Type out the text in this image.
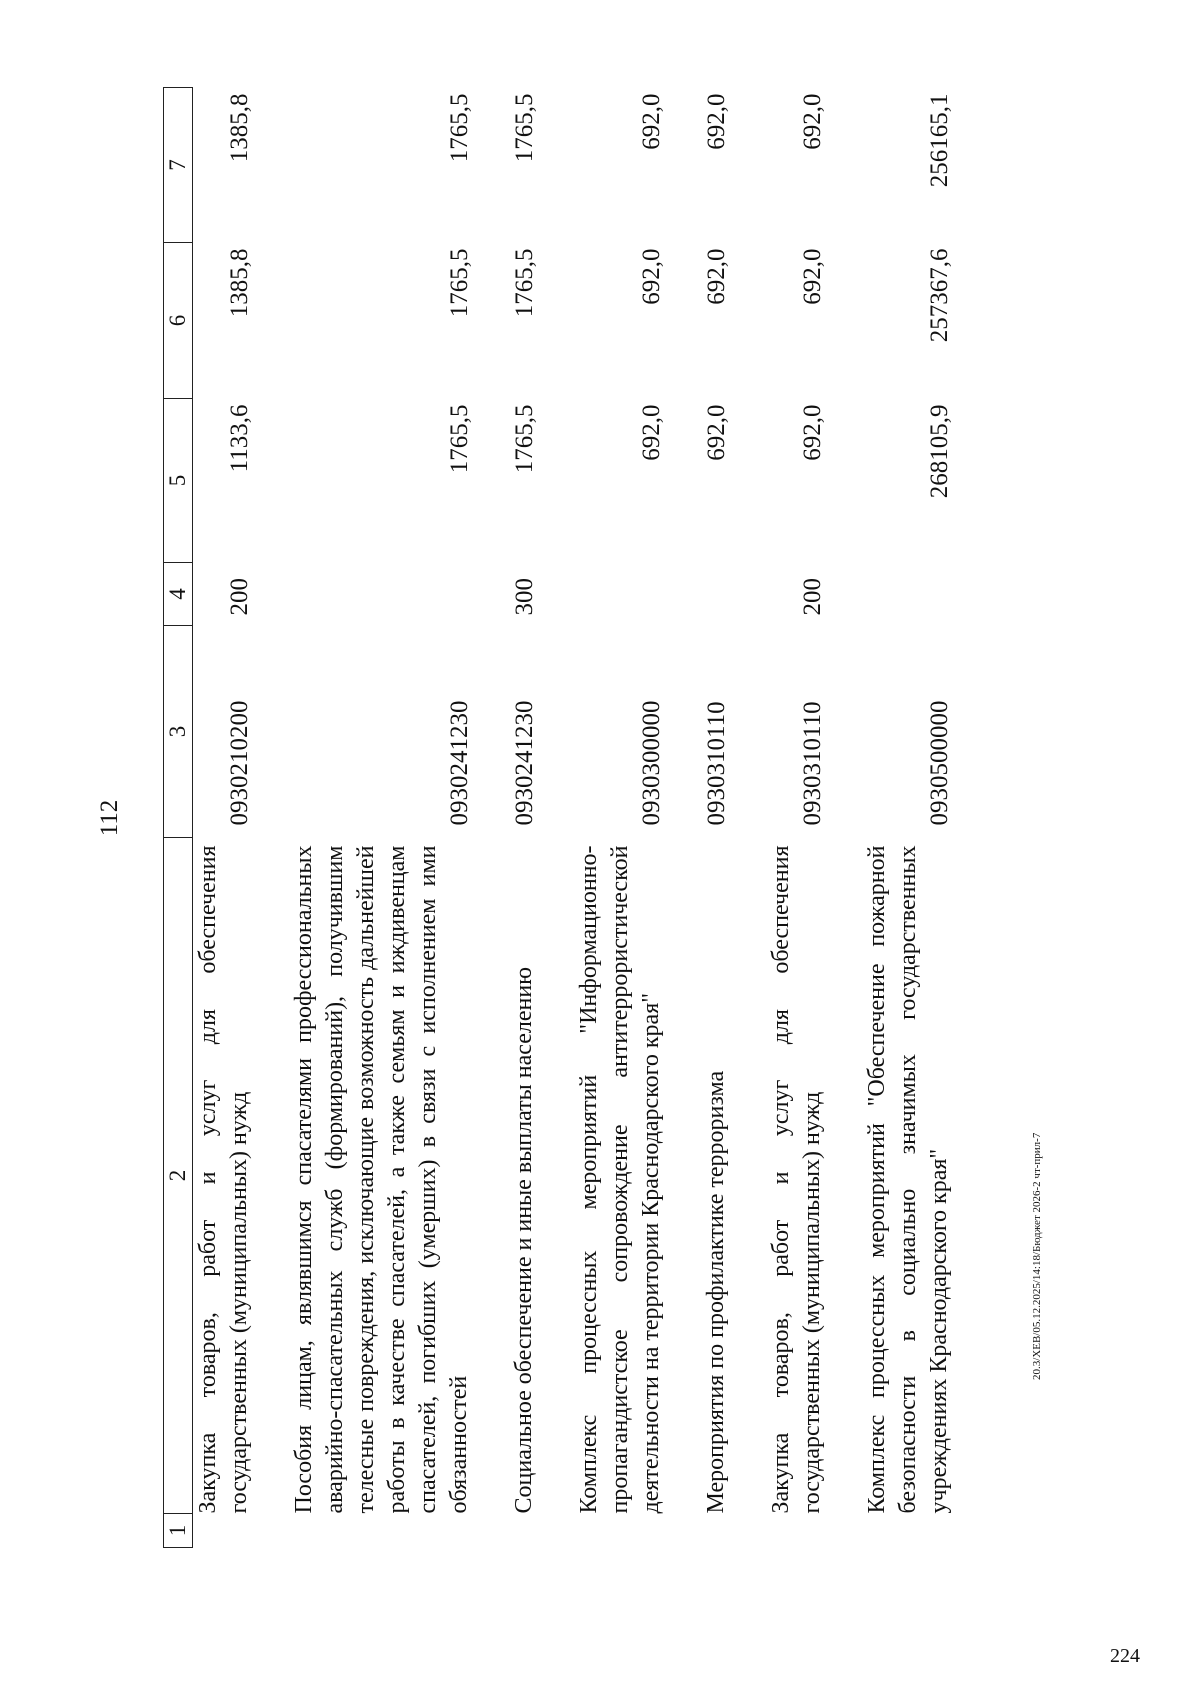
224
112
1	2	3	4	5	6	7
	Закупка товаров, работ и услуг для обеспечения государственных (муниципальных) нужд	0930210200	200	1133,6	1385,8	1385,8

	Пособия лицам, являвшимся спасателями профессиональных аварийно-спасательных служб (формирований), получившим телесные повреждения, исключающие возможность дальнейшей работы в качестве спасателей, а также семьям и иждивенцам спасателей, погибших (умерших) в связи с исполнением ими обязанностей	0930241230		1765,5	1765,5	1765,5

	Социальное обеспечение и иные выплаты населению	0930241230	300	1765,5	1765,5	1765,5

	Комплекс процессных мероприятий "Информационно-пропагандистское сопровождение антитеррористической деятельности на территории Краснодарского края"	0930300000		692,0	692,0	692,0

	Мероприятия по профилактике терроризма	0930310110		692,0	692,0	692,0

	Закупка товаров, работ и услуг для обеспечения государственных (муниципальных) нужд	0930310110	200	692,0	692,0	692,0

	Комплекс процессных мероприятий "Обеспечение пожарной безопасности в социально значимых государственных учреждениях Краснодарского края"	0930500000		268105,9	257367,6	256165,1
20.3/XEB/05.12.2025/14:18/Бюджет 2026-2 чт-прил-7
